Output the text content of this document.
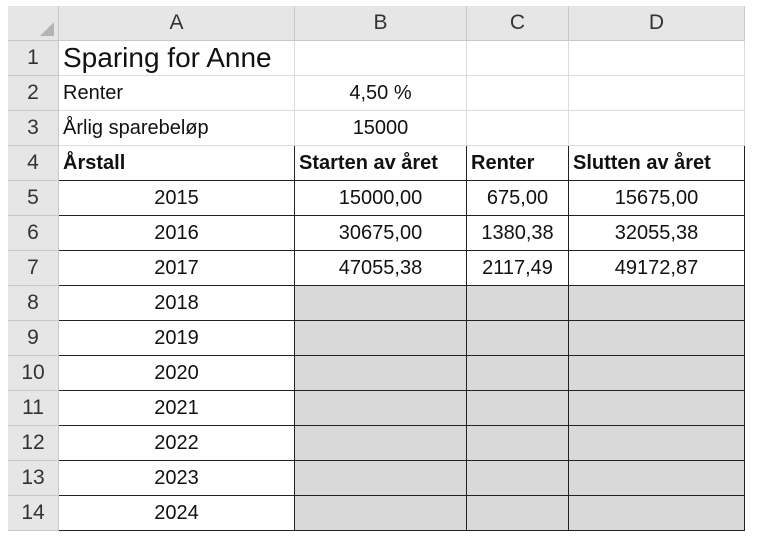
	A	B	C	D
1	Sparing for Anne			
2	Renter	4,50 %		
3	Årlig sparebeløp	15000		
4	Årstall	Starten av året	Renter	Slutten av året
5	2015	15000,00	675,00	15675,00
6	2016	30675,00	1380,38	32055,38
7	2017	47055,38	2117,49	49172,87
8	2018			
9	2019			
10	2020			
11	2021			
12	2022			
13	2023			
14	2024			
